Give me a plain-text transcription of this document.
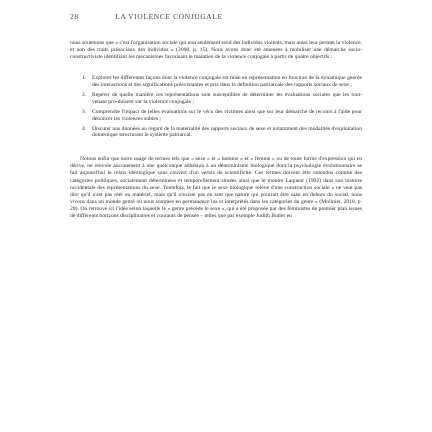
28	LA VIOLENCE CONJUGALE

nous soutenons que « c'est l'organisation sociale qui non seulement rend des individus violents, mais aussi leur permet la violence, et non des traits présociaux des individus » (2008, p. 15). Nous avons donc été amenées à mobiliser une démarche socio-constructiviste identifiant les mécanismes favorisant le maintien de la violence conjugale à partir de quatre objectifs :

1.	Explorer les différentes façons dont la violence conjugale est mise en représentation en fonction de la dynamique genrée des interactions et des significations préexistantes et pris dans la définition patriarcale des rapports sociaux de sexe ;
2.	Repérer de quelle manière ces représentations sont susceptibles de déterminer les évaluations sociales que les tout-venant pro-duisent sur la violence conjugale ;
3.	Comprendre l'impact de telles évaluations sur le vécu des victimes ainsi que sur leur démarche de recours à l'aide pour dénoncer les violences subies ;
4.	Discuter nos données au regard de la matérialité des rapports sociaux de sexe et notamment des modalités d'exploitation domestique structurant le système patriarcal.

Notons enfin que notre usage de termes tels que « sexe » et « homme » et « femme » ou de toute forme d'expression qui en dérive, ne renvoie aucunement à une quelconque adhésion à un déterminisme biologique dont la psychologie évolutionnaire se fait aujourd'hui le relais idéologique sous couvert d'un vernis de scientificité. Ces termes doivent être entendus comme des catégories politiques, socialement déterminées et temporellement situées ainsi que le montre Laqueur (1992) dans son histoire occidentale des représentations du sexe. Toutefois, le fait que le sexe biologique relève d'une construction sociale « ne veut pas dire qu'il n'est pas réel ou matériel, mais qu'il n'existe pas en tant que nature qui pourrait être saisi en dehors du social, nous vivons dans un monde genré où nous sommes en permanence lus et interprétés dans les catégories du genre » (Molinier, 2018, p. 20). On retrouve ici l'idée selon laquelle le « genre précède le sexe », qui a été proposée par des féministes de premier plan issues de différents horizons disciplinaires et courants de pensée – telles que par exemple Judith Butler en
